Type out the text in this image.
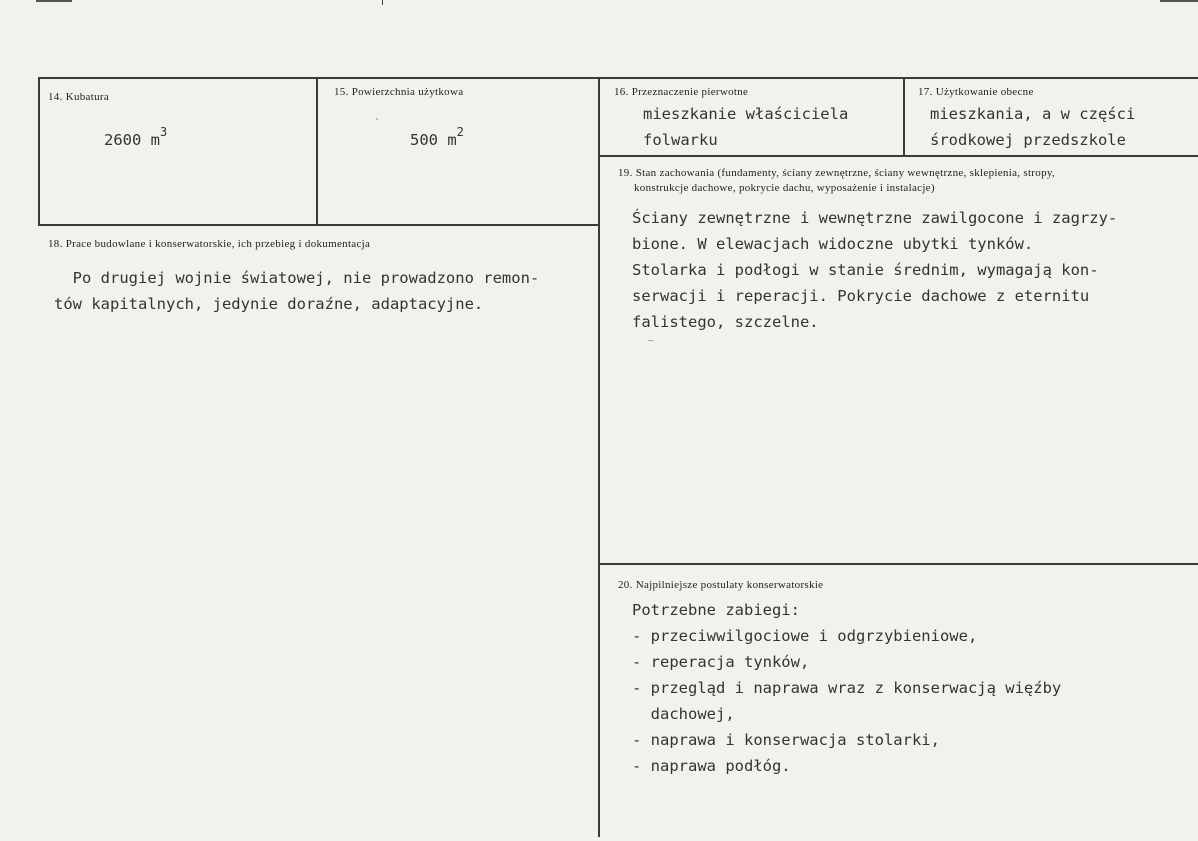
14. Kubatura
2600 $m^3$
15. Powierzchnia użytkowa
500 $m^2$
16. Przeznaczenie pierwotne
mieszkanie właściciela
folwarku
17. Użytkowanie obecne
mieszkania, a w części
środkowej przedszkole
18. Prace budowlane i konserwatorskie, ich przebieg i dokumentacja
Po drugiej wojnie światowej, nie prowadzono remon-
tów kapitalnych, jedynie doraźne, adaptacyjne.
19. Stan zachowania (fundamenty, ściany zewnętrzne, ściany wewnętrzne, sklepienia, stropy,
konstrukcje dachowe, pokrycie dachu, wyposażenie i instalacje)
Ściany zewnętrzne i wewnętrzne zawilgocone i zagrzy-
bione. W elewacjach widoczne ubytki tynków.
Stolarka i podłogi w stanie średnim, wymagają kon-
serwacji i reperacji. Pokrycie dachowe z eternitu
falistego, szczelne.
20. Najpilniejsze postulaty konserwatorskie
Potrzebne zabiegi:
- przeciwwilgociowe i odgrzybieniowe,
- reperacja tynków,
- przegląd i naprawa wraz z konserwacją więźby
dachowej,
- naprawa i konserwacja stolarki,
- naprawa podłóg.
